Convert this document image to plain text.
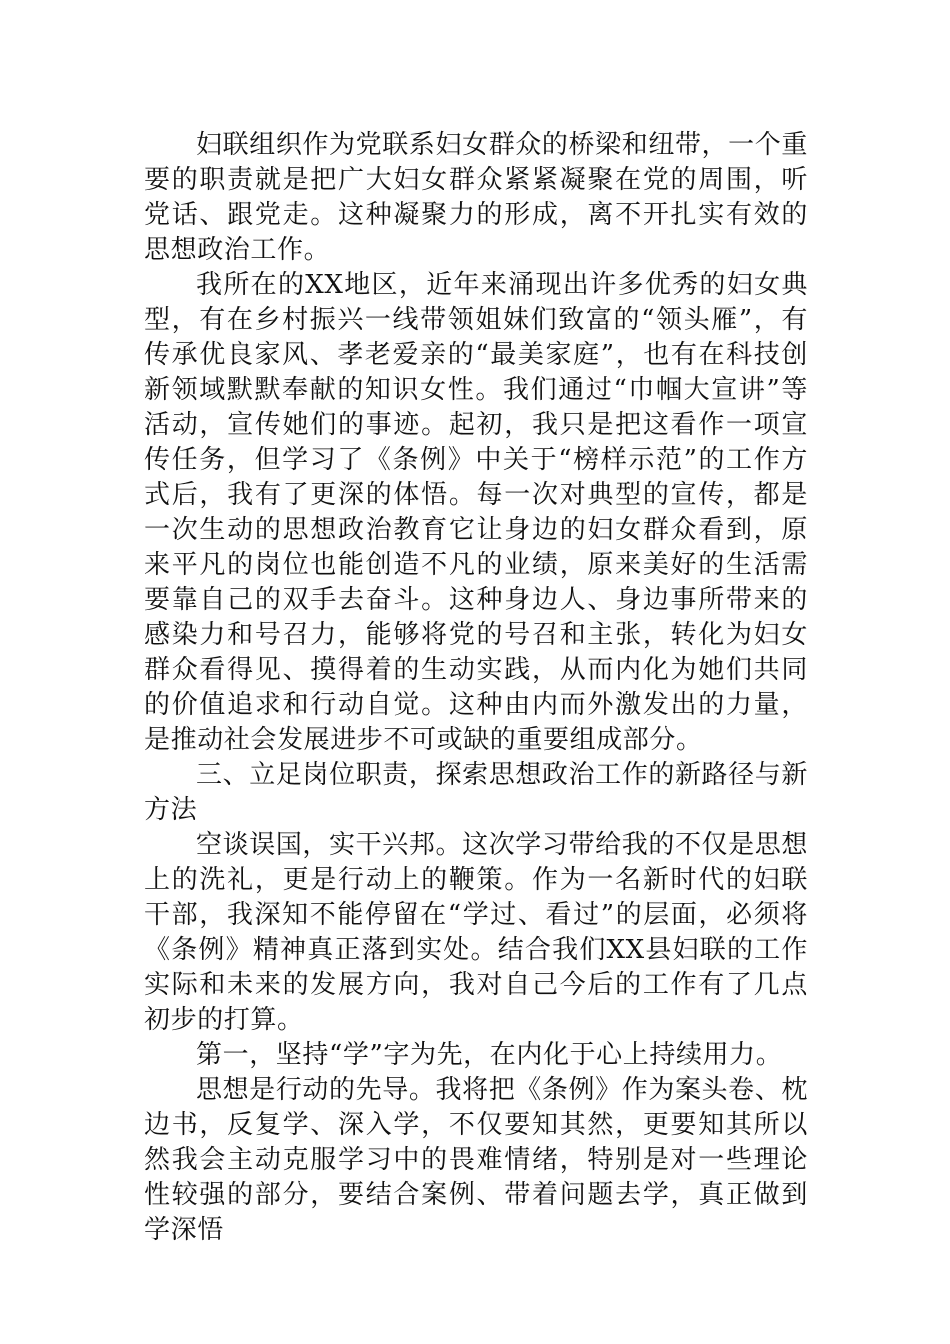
妇联组织作为党联系妇女群众的桥梁和纽带，一个重要的职责就是把广大妇女群众紧紧凝聚在党的周围，听党话、跟党走。这种凝聚力的形成，离不开扎实有效的思想政治工作。

我所在的XX地区，近年来涌现出许多优秀的妇女典型，有在乡村振兴一线带领姐妹们致富的“领头雁”，有传承优良家风、孝老爱亲的“最美家庭”，也有在科技创新领域默默奉献的知识女性。我们通过“巾帼大宣讲”等活动，宣传她们的事迹。起初，我只是把这看作一项宣传任务，但学习了《条例》中关于“榜样示范”的工作方式后，我有了更深的体悟。每一次对典型的宣传，都是一次生动的思想政治教育它让身边的妇女群众看到，原来平凡的岗位也能创造不凡的业绩，原来美好的生活需要靠自己的双手去奋斗。这种身边人、身边事所带来的感染力和号召力，能够将党的号召和主张，转化为妇女群众看得见、摸得着的生动实践，从而内化为她们共同的价值追求和行动自觉。这种由内而外激发出的力量，是推动社会发展进步不可或缺的重要组成部分。

三、立足岗位职责，探索思想政治工作的新路径与新方法

空谈误国，实干兴邦。这次学习带给我的不仅是思想上的洗礼，更是行动上的鞭策。作为一名新时代的妇联干部，我深知不能停留在“学过、看过”的层面，必须将《条例》精神真正落到实处。结合我们XX县妇联的工作实际和未来的发展方向，我对自己今后的工作有了几点初步的打算。

第一，坚持“学”字为先，在内化于心上持续用力。

思想是行动的先导。我将把《条例》作为案头卷、枕边书，反复学、深入学，不仅要知其然，更要知其所以然我会主动克服学习中的畏难情绪，特别是对一些理论性较强的部分，要结合案例、带着问题去学，真正做到学深悟
